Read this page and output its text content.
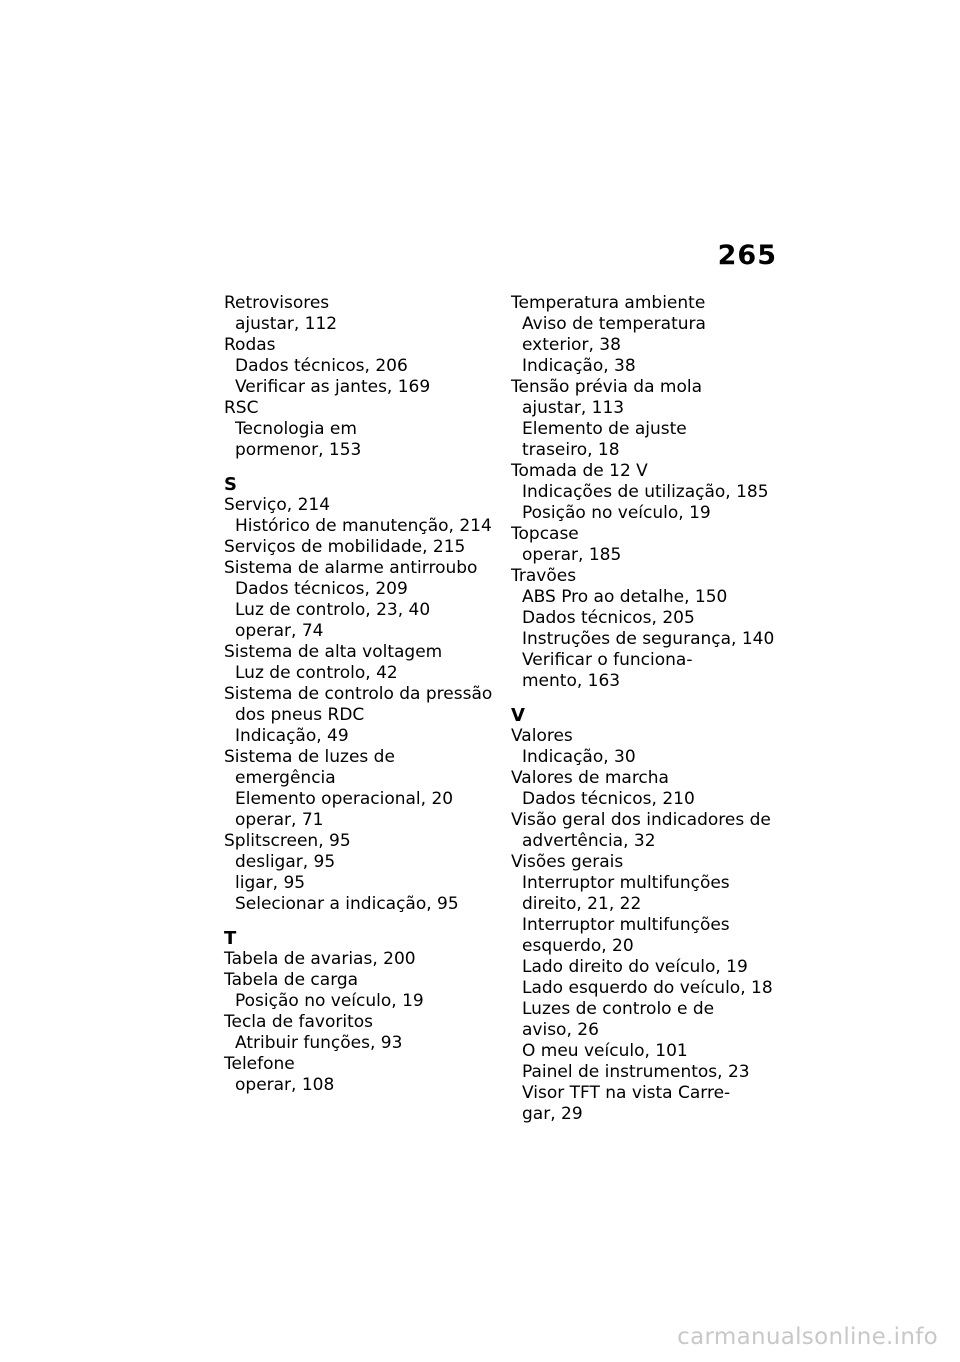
265
Retrovisores
ajustar, 112
Rodas
Dados técnicos, 206
Verificar as jantes, 169
RSC
Tecnologia em
pormenor, 153
S
Serviço, 214
Histórico de manutenção, 214
Serviços de mobilidade, 215
Sistema de alarme antirroubo
Dados técnicos, 209
Luz de controlo, 23, 40
operar, 74
Sistema de alta voltagem
Luz de controlo, 42
Sistema de controlo da pressão
dos pneus RDC
Indicação, 49
Sistema de luzes de
emergência
Elemento operacional, 20
operar, 71
Splitscreen, 95
desligar, 95
ligar, 95
Selecionar a indicação, 95
T
Tabela de avarias, 200
Tabela de carga
Posição no veículo, 19
Tecla de favoritos
Atribuir funções, 93
Telefone
operar, 108
Temperatura ambiente
Aviso de temperatura
exterior, 38
Indicação, 38
Tensão prévia da mola
ajustar, 113
Elemento de ajuste
traseiro, 18
Tomada de 12 V
Indicações de utilização, 185
Posição no veículo, 19
Topcase
operar, 185
Travões
ABS Pro ao detalhe, 150
Dados técnicos, 205
Instruções de segurança, 140
Verificar o funciona-
mento, 163
V
Valores
Indicação, 30
Valores de marcha
Dados técnicos, 210
Visão geral dos indicadores de
advertência, 32
Visões gerais
Interruptor multifunções
direito, 21, 22
Interruptor multifunções
esquerdo, 20
Lado direito do veículo, 19
Lado esquerdo do veículo, 18
Luzes de controlo e de
aviso, 26
O meu veículo, 101
Painel de instrumentos, 23
Visor TFT na vista Carre-
gar, 29
carmanualsonline.info
